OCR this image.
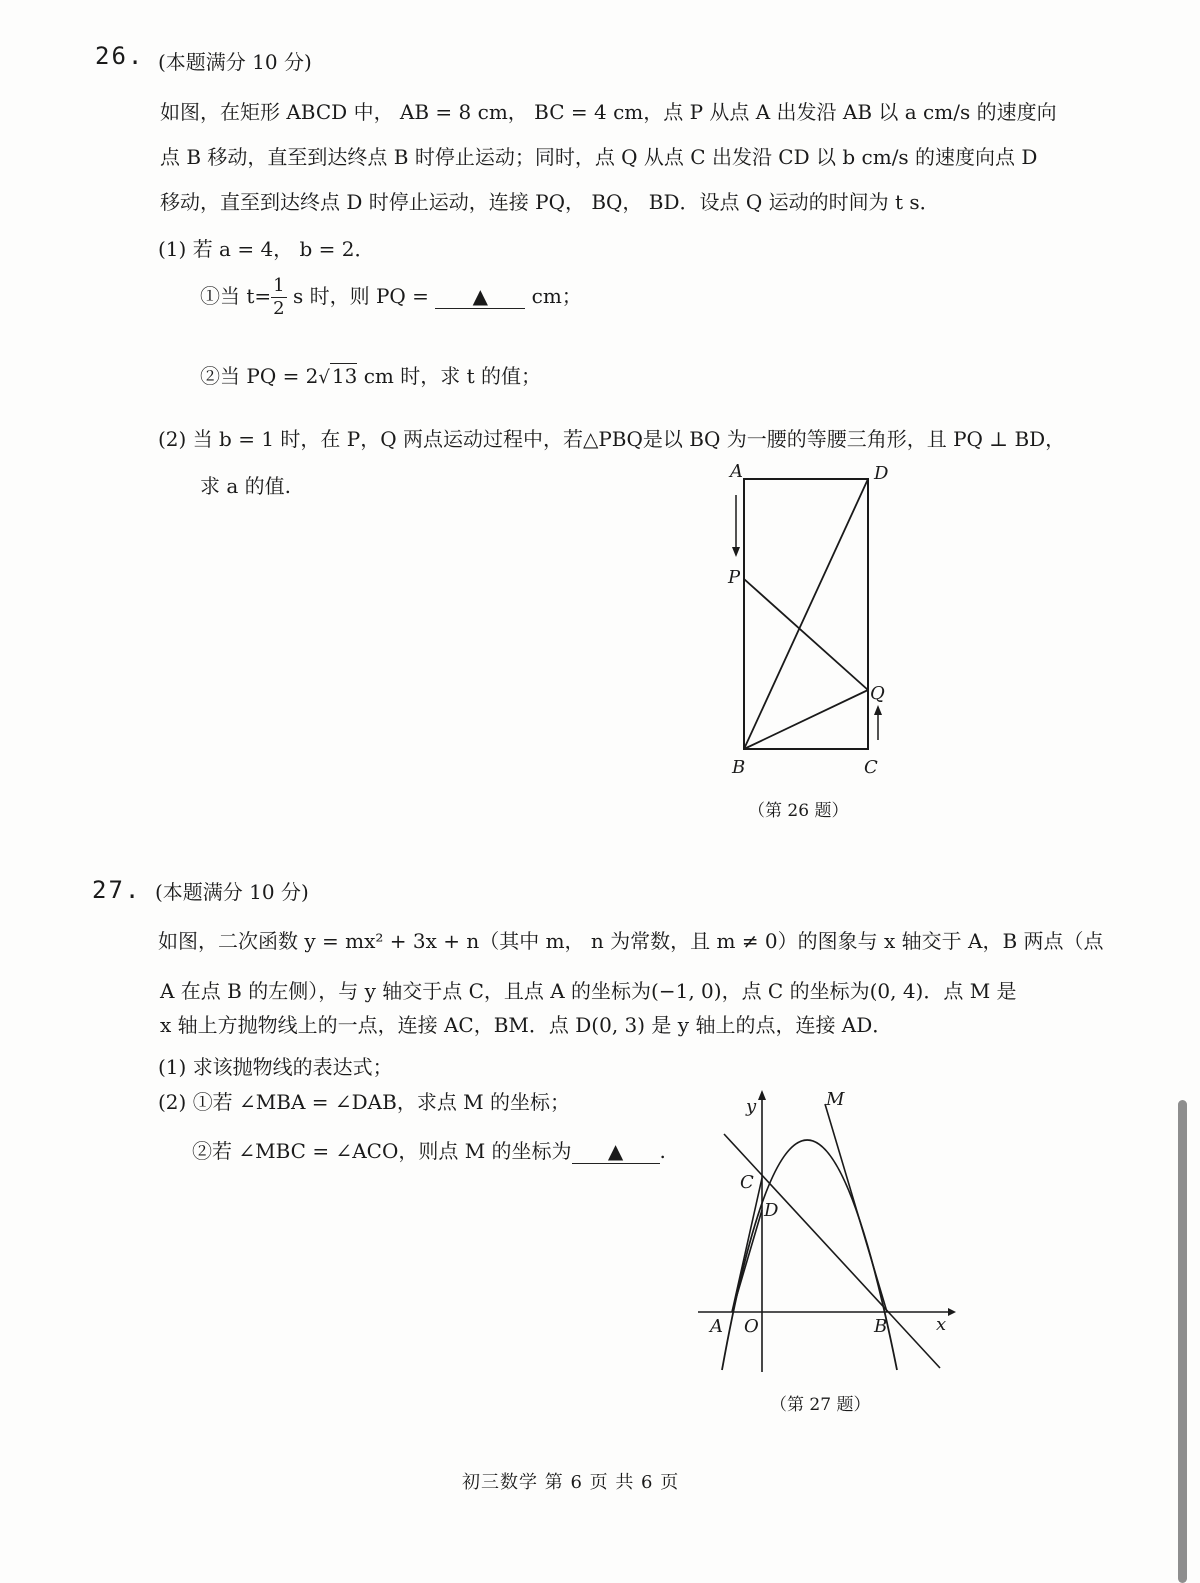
26. (本题满分 10 分)
如图，在矩形 ABCD 中， AB = 8 cm， BC = 4 cm，点 P 从点 A 出发沿 AB 以 a cm/s 的速度向
点 B 移动，直至到达终点 B 时停止运动；同时，点 Q 从点 C 出发沿 CD 以 b cm/s 的速度向点 D
移动，直至到达终点 D 时停止运动，连接 PQ， BQ， BD．设点 Q 运动的时间为 t s．
(1) 若 a = 4， b = 2．
①当 $t= \frac{1}{2}$ s 时，则 PQ = ▲ cm；
②当 PQ = 2√ 13 cm 时，求 t 的值；
(2) 当 b = 1 时，在 P，Q 两点运动过程中，若△PBQ是以 BQ 为一腰的等腰三角形，且 PQ ⊥ BD，
求 a 的值.
A	D
P
Q
B	C
（第 26 题）
27. (本题满分 10 分)
如图，二次函数 y = mx² + 3x + n（其中 m， n 为常数，且 m ≠ 0）的图象与 x 轴交于 A，B 两点（点
A 在点 B 的左侧），与 y 轴交于点 C，且点 A 的坐标为(−1, 0)，点 C 的坐标为(0, 4)．点 M 是
x 轴上方抛物线上的一点，连接 AC，BM．点 D(0, 3) 是 y 轴上的点，连接 AD．
(1) 求该抛物线的表达式；
(2) ①若 ∠MBA = ∠DAB，求点 M 的坐标；
②若 ∠MBC = ∠ACO，则点 M 的坐标为 ▲ .
y
x
M
C
D
A O	B
（第 27 题）
初三数学 第 6 页 共 6 页
